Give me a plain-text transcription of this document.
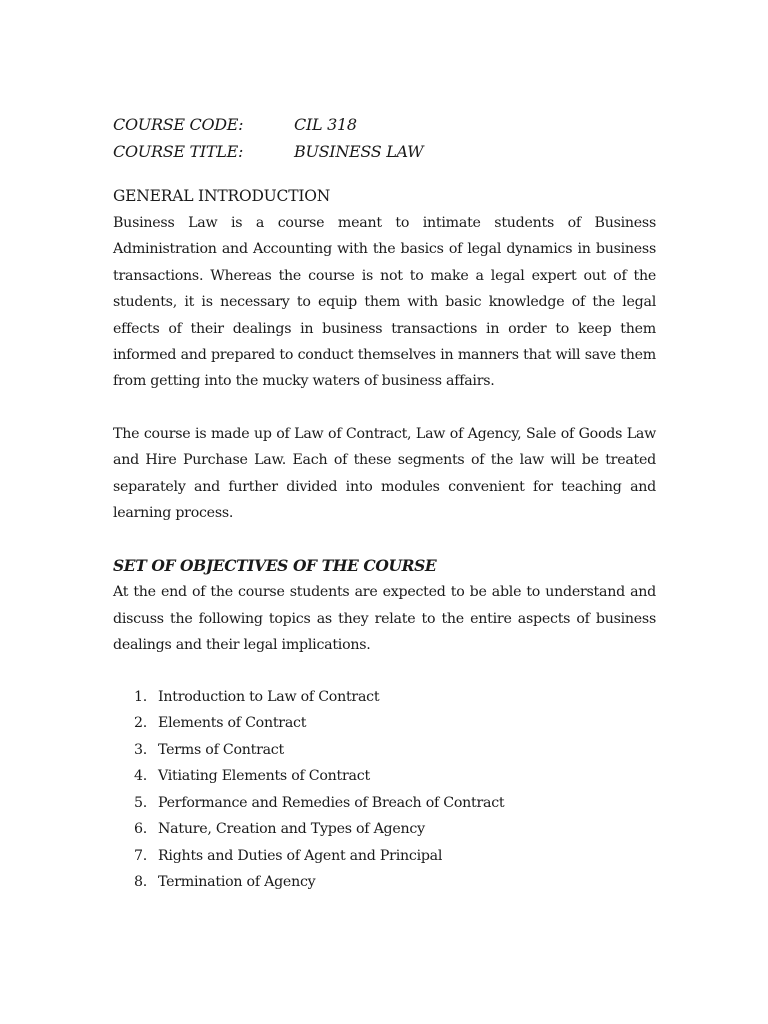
COURSE CODE:	CIL 318
COURSE TITLE:	BUSINESS LAW
GENERAL INTRODUCTION

Business Law is a course meant to intimate students of Business Administration and Accounting with the basics of legal dynamics in business transactions. Whereas the course is not to make a legal expert out of the students, it is necessary to equip them with basic knowledge of the legal effects of their dealings in business transactions in order to keep them informed and prepared to conduct themselves in manners that will save them from getting into the mucky waters of business affairs.

The course is made up of Law of Contract, Law of Agency, Sale of Goods Law and Hire Purchase Law. Each of these segments of the law will be treated separately and further divided into modules convenient for teaching and learning process.

SET OF OBJECTIVES OF THE COURSE

At the end of the course students are expected to be able to understand and discuss the following topics as they relate to the entire aspects of business dealings and their legal implications.

1. Introduction to Law of Contract
2. Elements of Contract
3. Terms of Contract
4. Vitiating Elements of Contract
5. Performance and Remedies of Breach of Contract
6. Nature, Creation and Types of Agency
7. Rights and Duties of Agent and Principal
8. Termination of Agency
